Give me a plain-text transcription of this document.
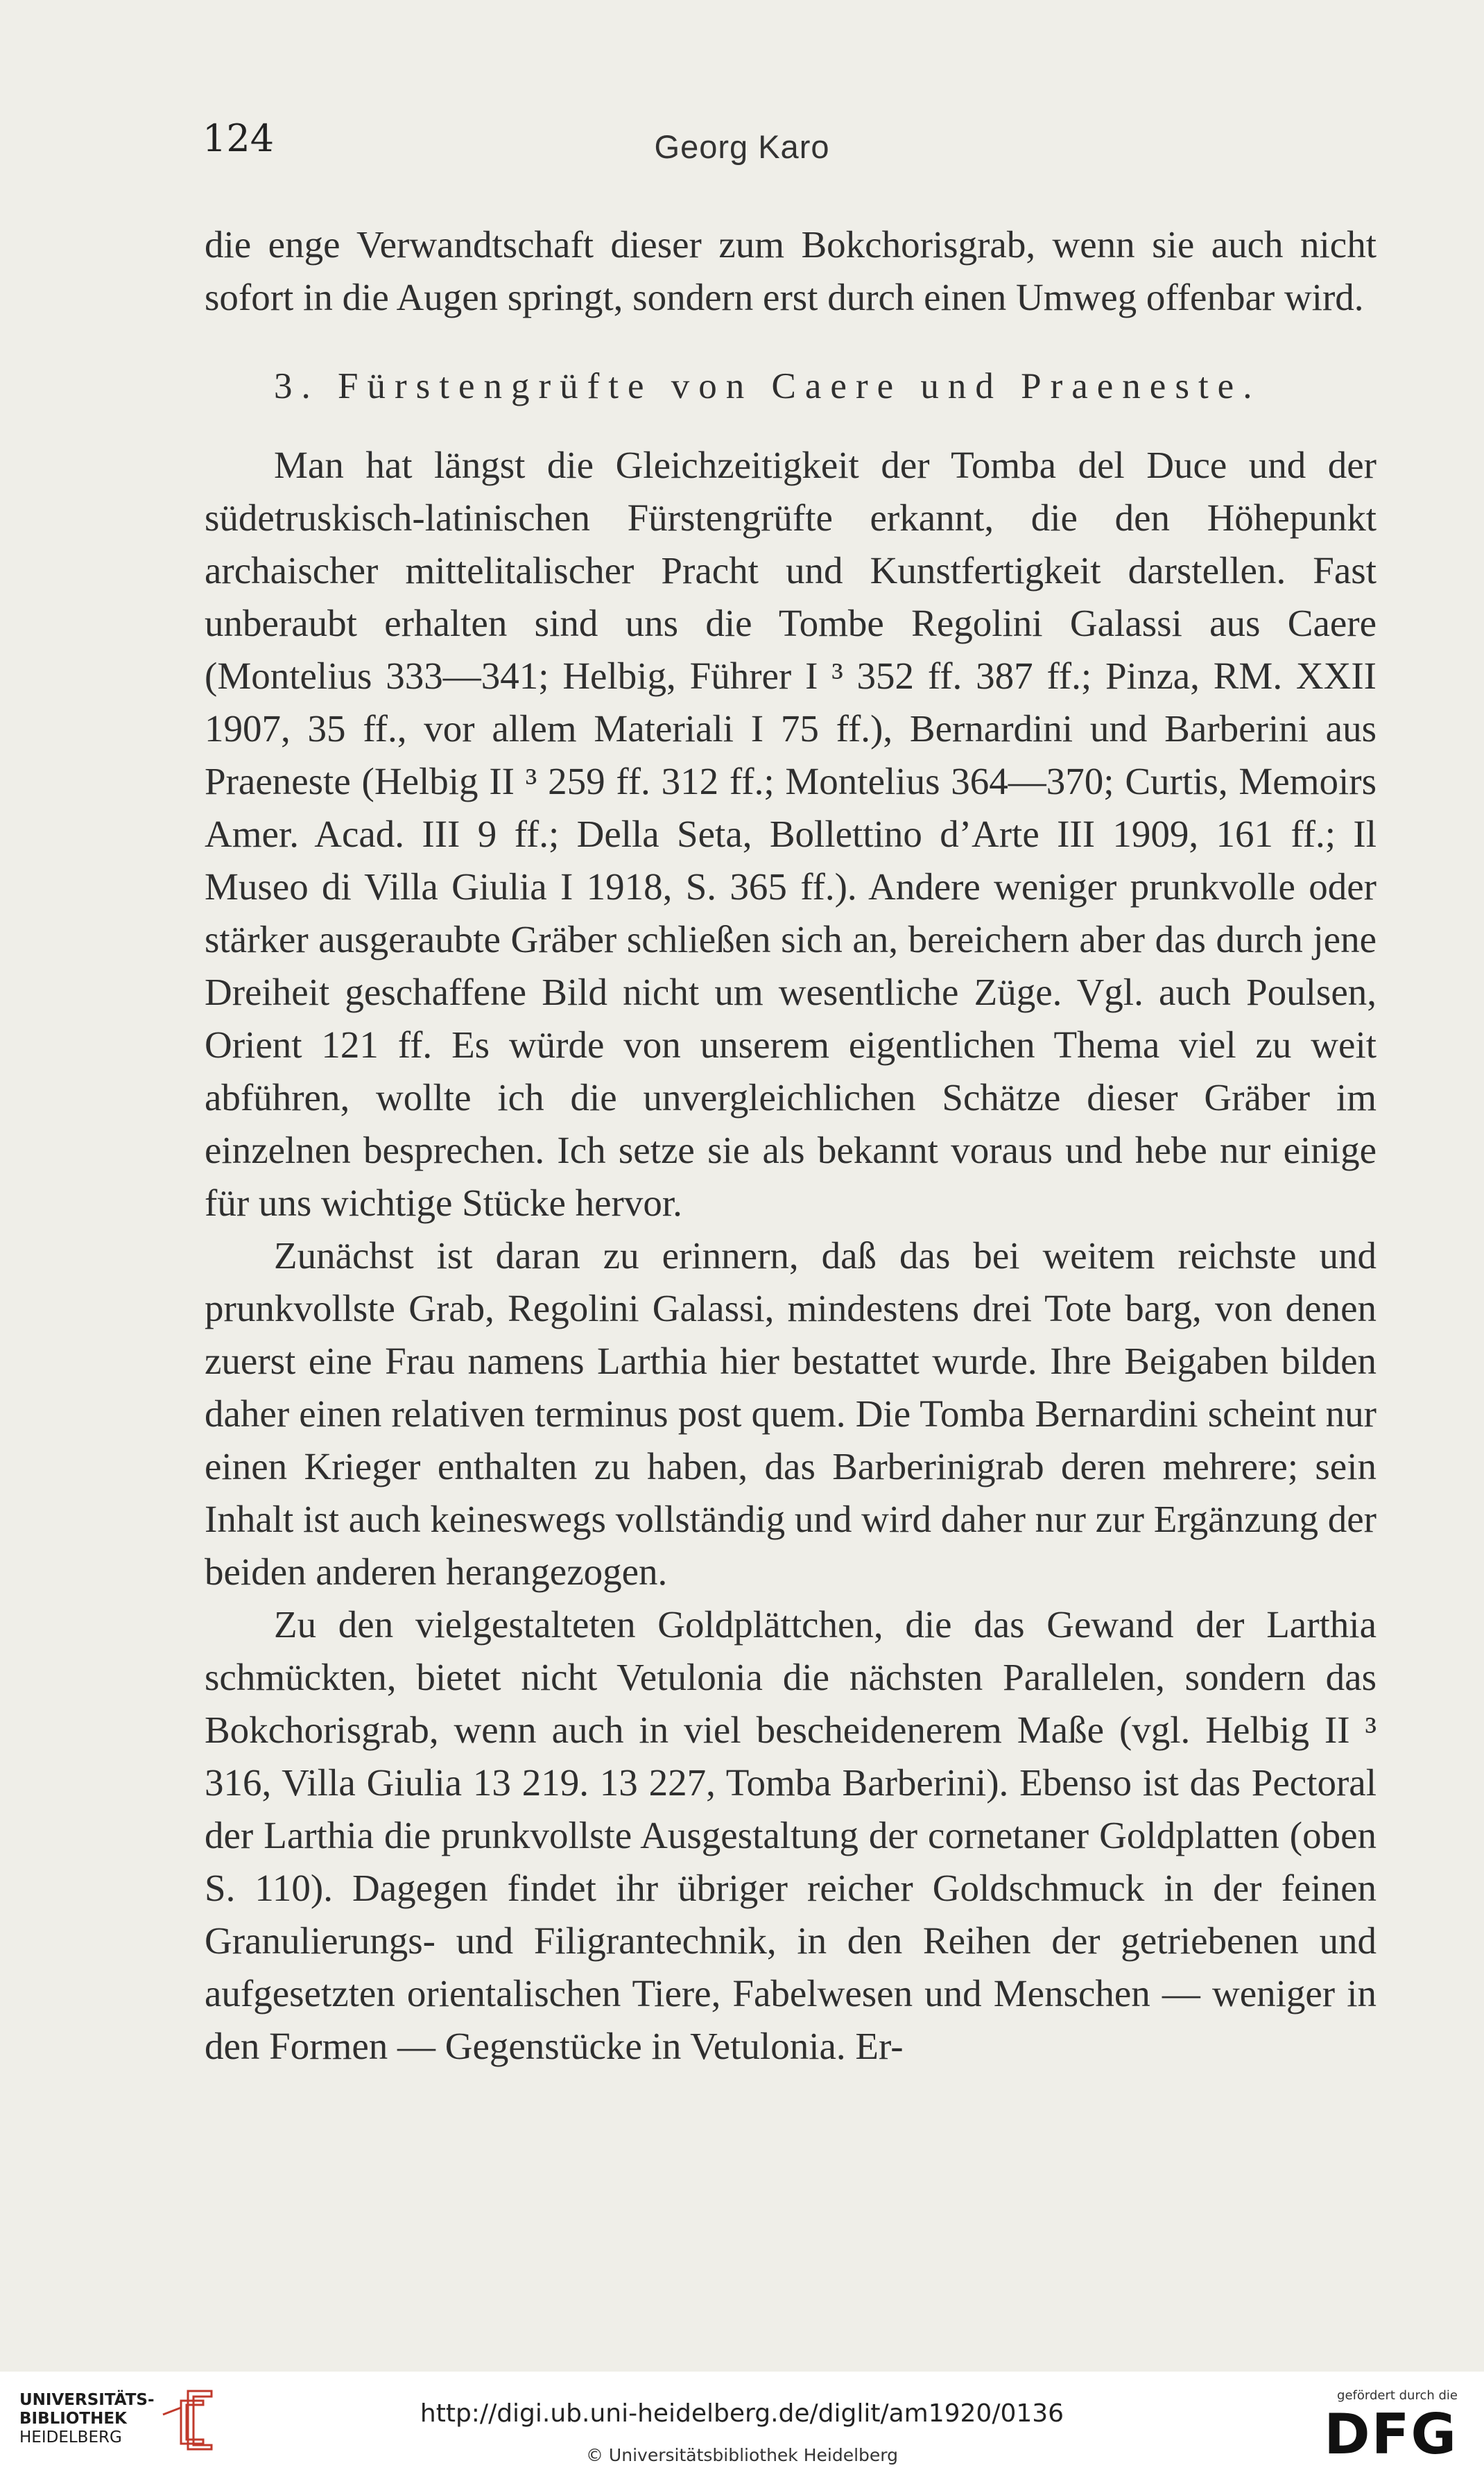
124	Georg Karo

die enge Verwandtschaft dieser zum Bokchorisgrab, wenn sie auch nicht sofort in die Augen springt, sondern erst durch einen Umweg offenbar wird.

3. Fürstengrüfte von Caere und Praeneste.

Man hat längst die Gleichzeitigkeit der Tomba del Duce und der südetruskisch-latinischen Fürstengrüfte erkannt, die den Höhepunkt archaischer mittelitalischer Pracht und Kunstfertigkeit darstellen. Fast unberaubt erhalten sind uns die Tombe Regolini Galassi aus Caere (Montelius 333—341; Helbig, Führer I ³ 352 ff. 387 ff.; Pinza, RM. XXII 1907, 35 ff., vor allem Materiali I 75 ff.), Bernardini und Barberini aus Praeneste (Helbig II ³ 259 ff. 312 ff.; Montelius 364—370; Curtis, Memoirs Amer. Acad. III 9 ff.; Della Seta, Bollettino d’Arte III 1909, 161 ff.; Il Museo di Villa Giulia I 1918, S. 365 ff.). Andere weniger prunkvolle oder stärker ausgeraubte Gräber schließen sich an, bereichern aber das durch jene Dreiheit geschaffene Bild nicht um wesentliche Züge. Vgl. auch Poulsen, Orient 121 ff. Es würde von unserem eigentlichen Thema viel zu weit abführen, wollte ich die unvergleichlichen Schätze dieser Gräber im einzelnen besprechen. Ich setze sie als bekannt voraus und hebe nur einige für uns wichtige Stücke hervor.

Zunächst ist daran zu erinnern, daß das bei weitem reichste und prunkvollste Grab, Regolini Galassi, mindestens drei Tote barg, von denen zuerst eine Frau namens Larthia hier bestattet wurde. Ihre Beigaben bilden daher einen relativen terminus post quem. Die Tomba Bernardini scheint nur einen Krieger enthalten zu haben, das Barberinigrab deren mehrere; sein Inhalt ist auch keineswegs vollständig und wird daher nur zur Ergänzung der beiden anderen herangezogen.

Zu den vielgestalteten Goldplättchen, die das Gewand der Larthia schmückten, bietet nicht Vetulonia die nächsten Parallelen, sondern das Bokchorisgrab, wenn auch in viel bescheidenerem Maße (vgl. Helbig II ³ 316, Villa Giulia 13 219. 13 227, Tomba Barberini). Ebenso ist das Pectoral der Larthia die prunkvollste Ausgestaltung der cornetaner Goldplatten (oben S. 110). Dagegen findet ihr übriger reicher Goldschmuck in der feinen Granulierungs- und Filigrantechnik, in den Reihen der getriebenen und aufgesetzten orientalischen Tiere, Fabelwesen und Menschen — weniger in den Formen — Gegenstücke in Vetulonia. Er-

UNIVERSITÄTS-
BIBLIOTHEK
HEIDELBERG
http://digi.ub.uni-heidelberg.de/diglit/am1920/0136
© Universitätsbibliothek Heidelberg
gefördert durch die
DFG
